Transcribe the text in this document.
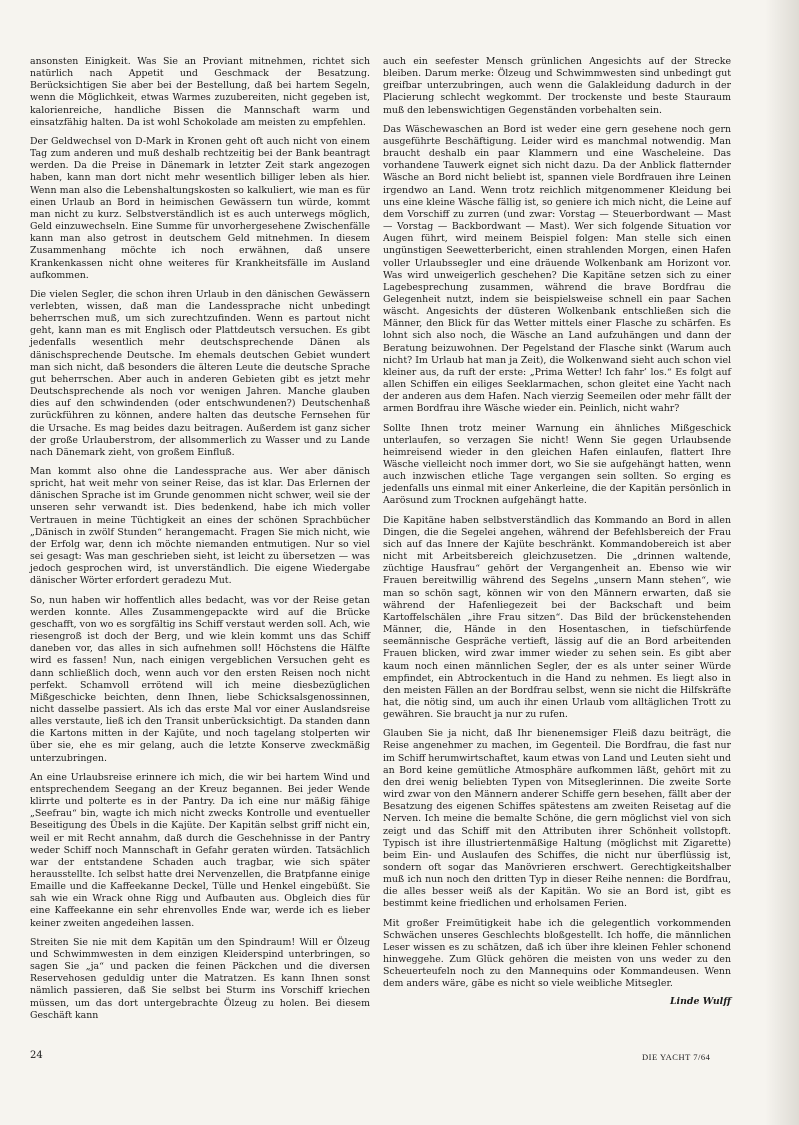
ansonsten Einigkeit. Was Sie an Proviant mitnehmen, richtet sich natürlich nach Appetit und Geschmack der Besatzung. Berücksichtigen Sie aber bei der Bestellung, daß bei hartem Segeln, wenn die Möglichkeit, etwas Warmes zuzubereiten, nicht gegeben ist, kalorienreiche, handliche Bissen die Mannschaft warm und einsatzfähig halten. Da ist wohl Schokolade am meisten zu empfehlen.

Der Geldwechsel von D-Mark in Kronen geht oft auch nicht von einem Tag zum anderen und muß deshalb rechtzeitig bei der Bank beantragt werden. Da die Preise in Dänemark in letzter Zeit stark angezogen haben, kann man dort nicht mehr wesentlich billiger leben als hier. Wenn man also die Lebenshaltungskosten so kalkuliert, wie man es für einen Urlaub an Bord in heimischen Gewässern tun würde, kommt man nicht zu kurz. Selbstverständlich ist es auch unterwegs möglich, Geld einzuwechseln. Eine Summe für unvorhergesehene Zwischenfälle kann man also getrost in deutschem Geld mitnehmen. In diesem Zusammenhang möchte ich noch erwähnen, daß unsere Krankenkassen nicht ohne weiteres für Krankheitsfälle im Ausland aufkommen.

Die vielen Segler, die schon ihren Urlaub in den dänischen Gewässern verlebten, wissen, daß man die Landessprache nicht unbedingt beherrschen muß, um sich zurechtzufinden. Wenn es partout nicht geht, kann man es mit Englisch oder Plattdeutsch versuchen. Es gibt jedenfalls wesentlich mehr deutschsprechende Dänen als dänischsprechende Deutsche. Im ehemals deutschen Gebiet wundert man sich nicht, daß besonders die älteren Leute die deutsche Sprache gut beherrschen. Aber auch in anderen Gebieten gibt es jetzt mehr Deutschsprechende als noch vor wenigen Jahren. Manche glauben dies auf den schwindenden (oder entschwundenen?) Deutschenhaß zurückführen zu können, andere halten das deutsche Fernsehen für die Ursache. Es mag beides dazu beitragen. Außerdem ist ganz sicher der große Urlauberstrom, der allsommerlich zu Wasser und zu Lande nach Dänemark zieht, von großem Einfluß.

Man kommt also ohne die Landessprache aus. Wer aber dänisch spricht, hat weit mehr von seiner Reise, das ist klar. Das Erlernen der dänischen Sprache ist im Grunde genommen nicht schwer, weil sie der unseren sehr verwandt ist. Dies bedenkend, habe ich mich voller Vertrauen in meine Tüchtigkeit an eines der schönen Sprachbücher „Dänisch in zwölf Stunden“ herangemacht. Fragen Sie mich nicht, wie der Erfolg war, denn ich möchte niemanden entmutigen. Nur so viel sei gesagt: Was man geschrieben sieht, ist leicht zu übersetzen — was jedoch gesprochen wird, ist unverständlich. Die eigene Wiedergabe dänischer Wörter erfordert geradezu Mut.

So, nun haben wir hoffentlich alles bedacht, was vor der Reise getan werden konnte. Alles Zusammengepackte wird auf die Brücke geschafft, von wo es sorgfältig ins Schiff verstaut werden soll. Ach, wie riesengroß ist doch der Berg, und wie klein kommt uns das Schiff daneben vor, das alles in sich aufnehmen soll! Höchstens die Hälfte wird es fassen! Nun, nach einigen vergeblichen Versuchen geht es dann schließlich doch, wenn auch vor den ersten Reisen noch nicht perfekt. Schamvoll errötend will ich meine diesbezüglichen Mißgeschicke beichten, denn Ihnen, liebe Schicksalsgenossinnen, nicht dasselbe passiert. Als ich das erste Mal vor einer Auslandsreise alles verstaute, ließ ich den Transit unberücksichtigt. Da standen dann die Kartons mitten in der Kajüte, und noch tagelang stolperten wir über sie, ehe es mir gelang, auch die letzte Konserve zweckmäßig unterzubringen.

An eine Urlaubsreise erinnere ich mich, die wir bei hartem Wind und entsprechendem Seegang an der Kreuz begannen. Bei jeder Wende klirrte und polterte es in der Pantry. Da ich eine nur mäßig fähige „Seefrau“ bin, wagte ich mich nicht zwecks Kontrolle und eventueller Beseitigung des Übels in die Kajüte. Der Kapitän selbst griff nicht ein, weil er mit Recht annahm, daß durch die Geschehnisse in der Pantry weder Schiff noch Mannschaft in Gefahr geraten würden. Tatsächlich war der entstandene Schaden auch tragbar, wie sich später herausstellte. Ich selbst hatte drei Nervenzellen, die Bratpfanne einige Emaille und die Kaffeekanne Deckel, Tülle und Henkel eingebüßt. Sie sah wie ein Wrack ohne Rigg und Aufbauten aus. Obgleich dies für eine Kaffeekanne ein sehr ehrenvolles Ende war, werde ich es lieber keiner zweiten angedeihen lassen.

Streiten Sie nie mit dem Kapitän um den Spindraum! Will er Ölzeug und Schwimmwesten in dem einzigen Kleiderspind unterbringen, so sagen Sie „ja“ und packen die feinen Päckchen und die diversen Reservehosen geduldig unter die Matratzen. Es kann Ihnen sonst nämlich passieren, daß Sie selbst bei Sturm ins Vorschiff kriechen müssen, um das dort untergebrachte Ölzeug zu holen. Bei diesem Geschäft kann

auch ein seefester Mensch grünlichen Angesichts auf der Strecke bleiben. Darum merke: Ölzeug und Schwimmwesten sind unbedingt gut greifbar unterzubringen, auch wenn die Galakleidung dadurch in der Placierung schlecht wegkommt. Der trockenste und beste Stauraum muß den lebenswichtigen Gegenständen vorbehalten sein.

Das Wäschewaschen an Bord ist weder eine gern gesehene noch gern ausgeführte Beschäftigung. Leider wird es manchmal notwendig. Man braucht deshalb ein paar Klammern und eine Wascheleine. Das vorhandene Tauwerk eignet sich nicht dazu. Da der Anblick flatternder Wäsche an Bord nicht beliebt ist, spannen viele Bordfrauen ihre Leinen irgendwo an Land. Wenn trotz reichlich mitgenommener Kleidung bei uns eine kleine Wäsche fällig ist, so geniere ich mich nicht, die Leine auf dem Vorschiff zu zurren (und zwar: Vorstag — Steuerbordwant — Mast — Vorstag — Backbordwant — Mast). Wer sich folgende Situation vor Augen führt, wird meinem Beispiel folgen: Man stelle sich einen ungünstigen Seewetterbericht, einen strahlenden Morgen, einen Hafen voller Urlaubssegler und eine dräuende Wolkenbank am Horizont vor. Was wird unweigerlich geschehen? Die Kapitäne setzen sich zu einer Lagebesprechung zusammen, während die brave Bordfrau die Gelegenheit nutzt, indem sie beispielsweise schnell ein paar Sachen wäscht. Angesichts der düsteren Wolkenbank entschließen sich die Männer, den Blick für das Wetter mittels einer Flasche zu schärfen. Es lohnt sich also noch, die Wäsche an Land aufzuhängen und dann der Beratung beizuwohnen. Der Pegelstand der Flasche sinkt (Warum auch nicht? Im Urlaub hat man ja Zeit), die Wolkenwand sieht auch schon viel kleiner aus, da ruft der erste: „Prima Wetter! Ich fahr’ los.“ Es folgt auf allen Schiffen ein eiliges Seeklarmachen, schon gleitet eine Yacht nach der anderen aus dem Hafen. Nach vierzig Seemeilen oder mehr fällt der armen Bordfrau ihre Wäsche wieder ein. Peinlich, nicht wahr?

Sollte Ihnen trotz meiner Warnung ein ähnliches Mißgeschick unterlaufen, so verzagen Sie nicht! Wenn Sie gegen Urlaubsende heimreisend wieder in den gleichen Hafen einlaufen, flattert Ihre Wäsche vielleicht noch immer dort, wo Sie sie aufgehängt hatten, wenn auch inzwischen etliche Tage vergangen sein sollten. So erging es jedenfalls uns einmal mit einer Ankerleine, die der Kapitän persönlich in Aarösund zum Trocknen aufgehängt hatte.

Die Kapitäne haben selbstverständlich das Kommando an Bord in allen Dingen, die die Segelei angehen, während der Befehlsbereich der Frau sich auf das Innere der Kajüte beschränkt. Kommandobereich ist aber nicht mit Arbeitsbereich gleichzusetzen. Die „drinnen waltende, züchtige Hausfrau“ gehört der Vergangenheit an. Ebenso wie wir Frauen bereitwillig während des Segelns „unsern Mann stehen“, wie man so schön sagt, können wir von den Männern erwarten, daß sie während der Hafenliegezeit bei der Backschaft und beim Kartoffelschälen „ihre Frau sitzen“. Das Bild der brückenstehenden Männer, die, Hände in den Hosentaschen, in tiefschürfende seemännische Gespräche vertieft, lässig auf die an Bord arbeitenden Frauen blicken, wird zwar immer wieder zu sehen sein. Es gibt aber kaum noch einen männlichen Segler, der es als unter seiner Würde empfindet, ein Abtrockentuch in die Hand zu nehmen. Es liegt also in den meisten Fällen an der Bordfrau selbst, wenn sie nicht die Hilfskräfte hat, die nötig sind, um auch ihr einen Urlaub vom alltäglichen Trott zu gewähren. Sie braucht ja nur zu rufen.

Glauben Sie ja nicht, daß Ihr bienenemsiger Fleiß dazu beiträgt, die Reise angenehmer zu machen, im Gegenteil. Die Bordfrau, die fast nur im Schiff herumwirtschaftet, kaum etwas von Land und Leuten sieht und an Bord keine gemütliche Atmosphäre aufkommen läßt, gehört mit zu den drei wenig beliebten Typen von Mitseglerinnen. Die zweite Sorte wird zwar von den Männern anderer Schiffe gern besehen, fällt aber der Besatzung des eigenen Schiffes spätestens am zweiten Reisetag auf die Nerven. Ich meine die bemalte Schöne, die gern möglichst viel von sich zeigt und das Schiff mit den Attributen ihrer Schönheit vollstopft. Typisch ist ihre illustriertenmäßige Haltung (möglichst mit Zigarette) beim Ein- und Auslaufen des Schiffes, die nicht nur überflüssig ist, sondern oft sogar das Manövrieren erschwert. Gerechtigkeitshalber muß ich nun noch den dritten Typ in dieser Reihe nennen: die Bordfrau, die alles besser weiß als der Kapitän. Wo sie an Bord ist, gibt es bestimmt keine friedlichen und erholsamen Ferien.

Mit großer Freimütigkeit habe ich die gelegentlich vorkommenden Schwächen unseres Geschlechts bloßgestellt. Ich hoffe, die männlichen Leser wissen es zu schätzen, daß ich über ihre kleinen Fehler schonend hinweggehe. Zum Glück gehören die meisten von uns weder zu den Scheuerteufeln noch zu den Mannequins oder Kommandeusen. Wenn dem anders wäre, gäbe es nicht so viele weibliche Mitsegler.

Linde Wulff
24	DIE YACHT 7/64
